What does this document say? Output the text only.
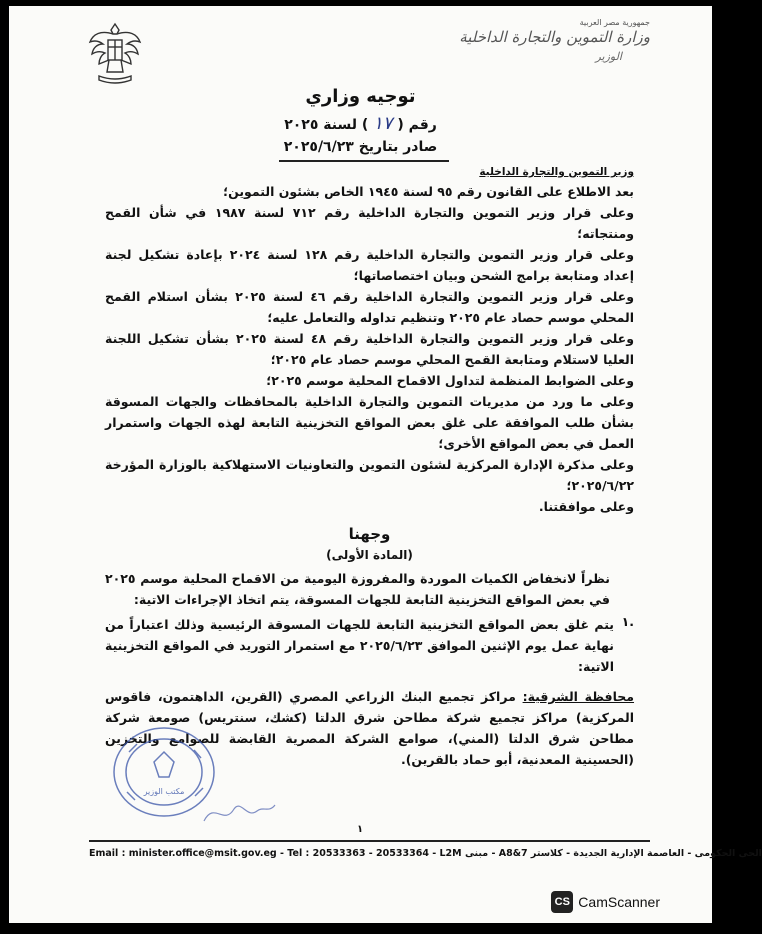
جمهورية مصر العربية
وزارة التموين والتجارة الداخلية
الوزير
توجيه وزاري
رقم ( ١٧ ) لسنة ٢٠٢٥
صادر بتاريخ ٢٠٢٥/٦/٢٣
وزير التموين والتجارة الداخلية
بعد الاطلاع على القانون رقم ٩٥ لسنة ١٩٤٥ الخاص بشئون التموين؛
وعلى قرار وزير التموين والتجارة الداخلية رقم ٧١٢ لسنة ١٩٨٧ في شأن القمح ومنتجاته؛
وعلى قرار وزير التموين والتجارة الداخلية رقم ١٢٨ لسنة ٢٠٢٤ بإعادة تشكيل لجنة إعداد ومتابعة برامج الشحن وبيان اختصاصاتها؛
وعلى قرار وزير التموين والتجارة الداخلية رقم ٤٦ لسنة ٢٠٢٥ بشأن استلام القمح المحلي موسم حصاد عام ٢٠٢٥ وتنظيم تداوله والتعامل عليه؛
وعلى قرار وزير التموين والتجارة الداخلية رقم ٤٨ لسنة ٢٠٢٥ بشأن تشكيل اللجنة العليا لاستلام ومتابعة القمح المحلي موسم حصاد عام ٢٠٢٥؛
وعلى الضوابط المنظمة لتداول الاقماح المحلية موسم ٢٠٢٥؛
وعلى ما ورد من مديريات التموين والتجارة الداخلية بالمحافظات والجهات المسوقة بشأن طلب الموافقة على غلق بعض المواقع التخزينية التابعة لهذه الجهات واستمرار العمل في بعض المواقع الأخرى؛
وعلى مذكرة الإدارة المركزية لشئون التموين والتعاونيات الاستهلاكية بالوزارة المؤرخة ٢٠٢٥/٦/٢٢؛
وعلى موافقتنا.
وجهنا
(المادة الأولى)
نظراً لانخفاض الكميات الموردة والمفروزة اليومية من الاقماح المحلية موسم ٢٠٢٥ في بعض المواقع التخزينية التابعة للجهات المسوقة، يتم اتخاذ الإجراءات الاتية:
١.
يتم غلق بعض المواقع التخزينية التابعة للجهات المسوقة الرئيسية وذلك اعتباراً من نهاية عمل يوم الإثنين الموافق ٢٠٢٥/٦/٢٣ مع استمرار التوريد في المواقع التخزينية الاتية:
محافظة الشرقية: مراكز تجميع البنك الزراعي المصري (القرين، الداهتمون، فاقوس المركزية) مراكز تجميع شركة مطاحن شرق الدلتا (كشك، سنتريس) صومعة شركة مطاحن شرق الدلتا (المني)، صوامع الشركة المصرية القابضة للصوامع والتخزين (الحسينية المعدنية، أبو حماد بالقرين).
مكتب الوزير
١
Email : minister.office@msit.gov.eg - Tel : 20533363 - 20533364 - L2M مبنى - A8&7 الحى الحكومى - العاصمة الإدارية الجديدة - كلاستر
CS CamScanner
